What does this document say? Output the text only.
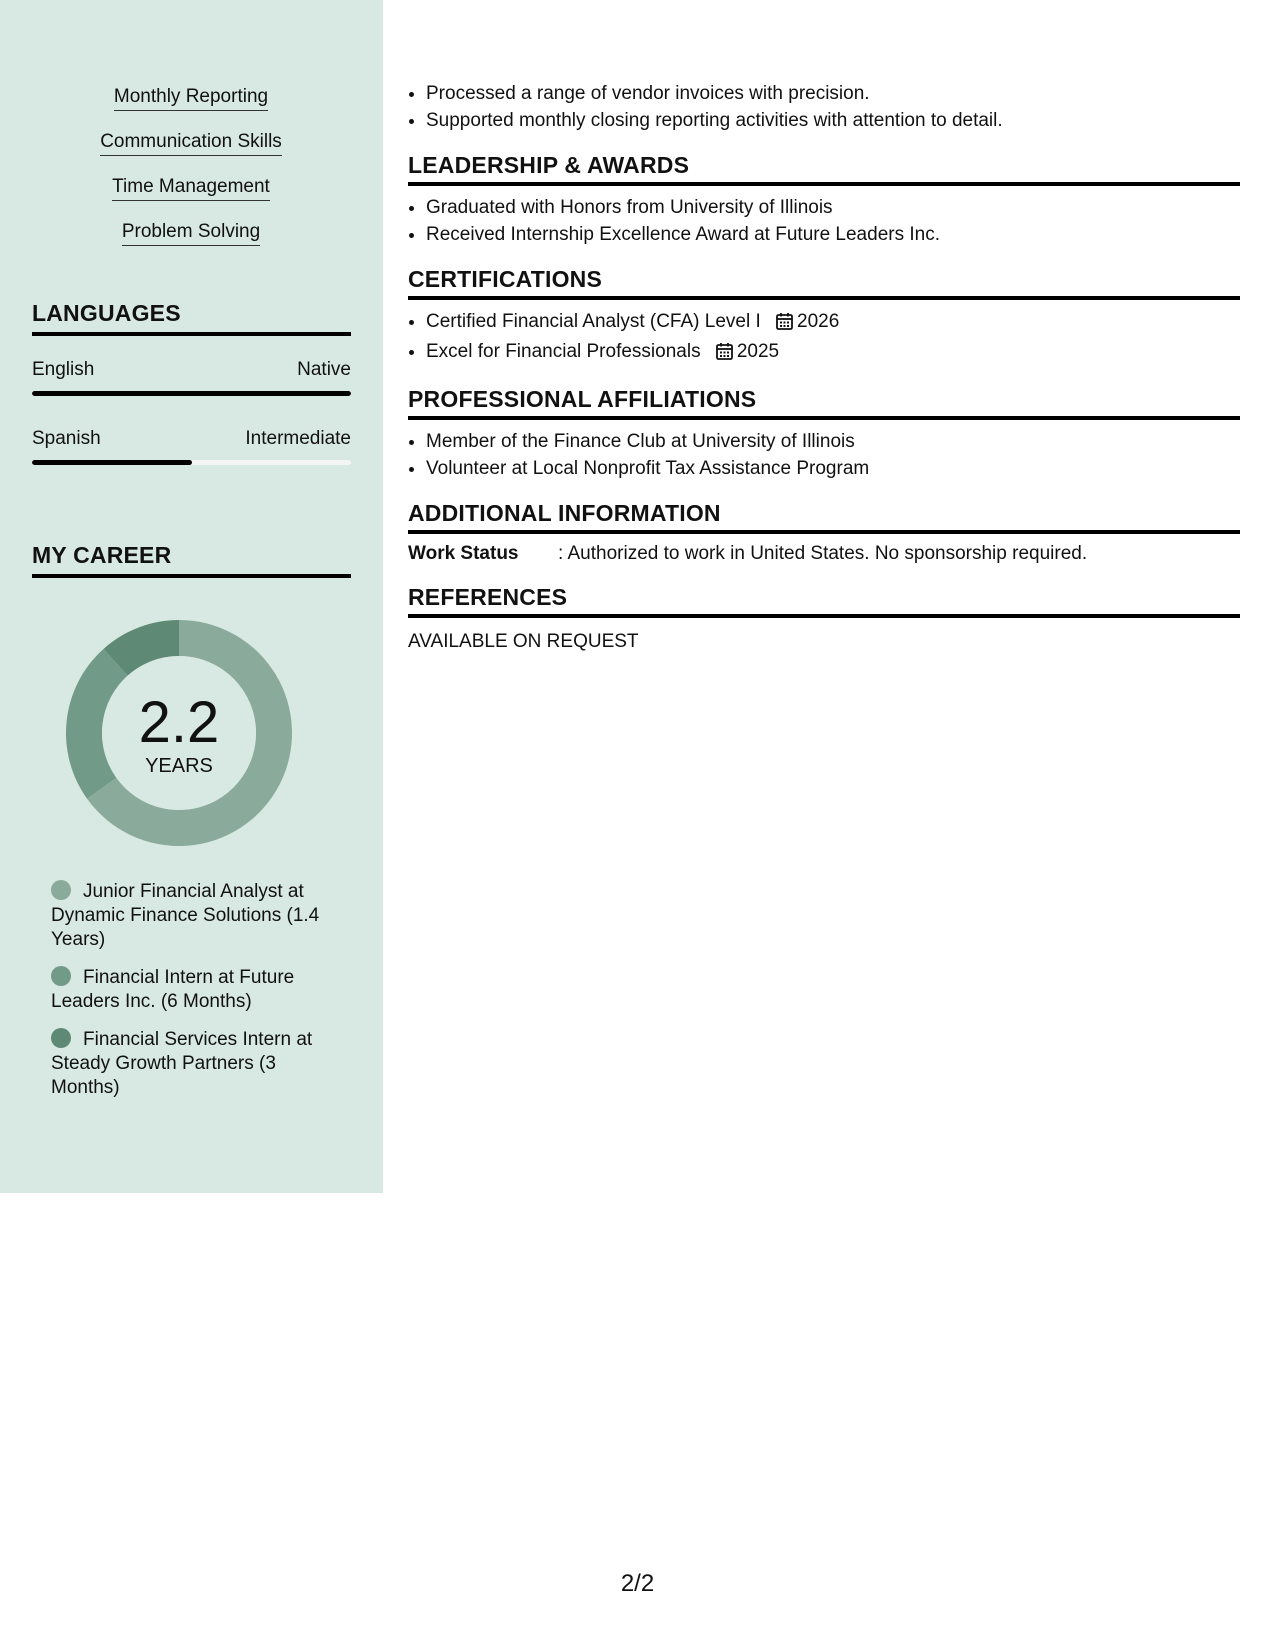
Monthly Reporting
Communication Skills
Time Management
Problem Solving
LANGUAGES
English	Native
Spanish	Intermediate
MY CAREER
2.2
YEARS
Junior Financial Analyst at Dynamic Finance Solutions (1.4 Years)
Financial Intern at Future Leaders Inc. (6 Months)
Financial Services Intern at Steady Growth Partners (3 Months)
• Processed a range of vendor invoices with precision.
• Supported monthly closing reporting activities with attention to detail.
LEADERSHIP & AWARDS
• Graduated with Honors from University of Illinois
• Received Internship Excellence Award at Future Leaders Inc.
CERTIFICATIONS
• Certified Financial Analyst (CFA) Level I 2026
• Excel for Financial Professionals 2025
PROFESSIONAL AFFILIATIONS
• Member of the Finance Club at University of Illinois
• Volunteer at Local Nonprofit Tax Assistance Program
ADDITIONAL INFORMATION
Work Status	: Authorized to work in United States. No sponsorship required.
REFERENCES
AVAILABLE ON REQUEST
2/2
